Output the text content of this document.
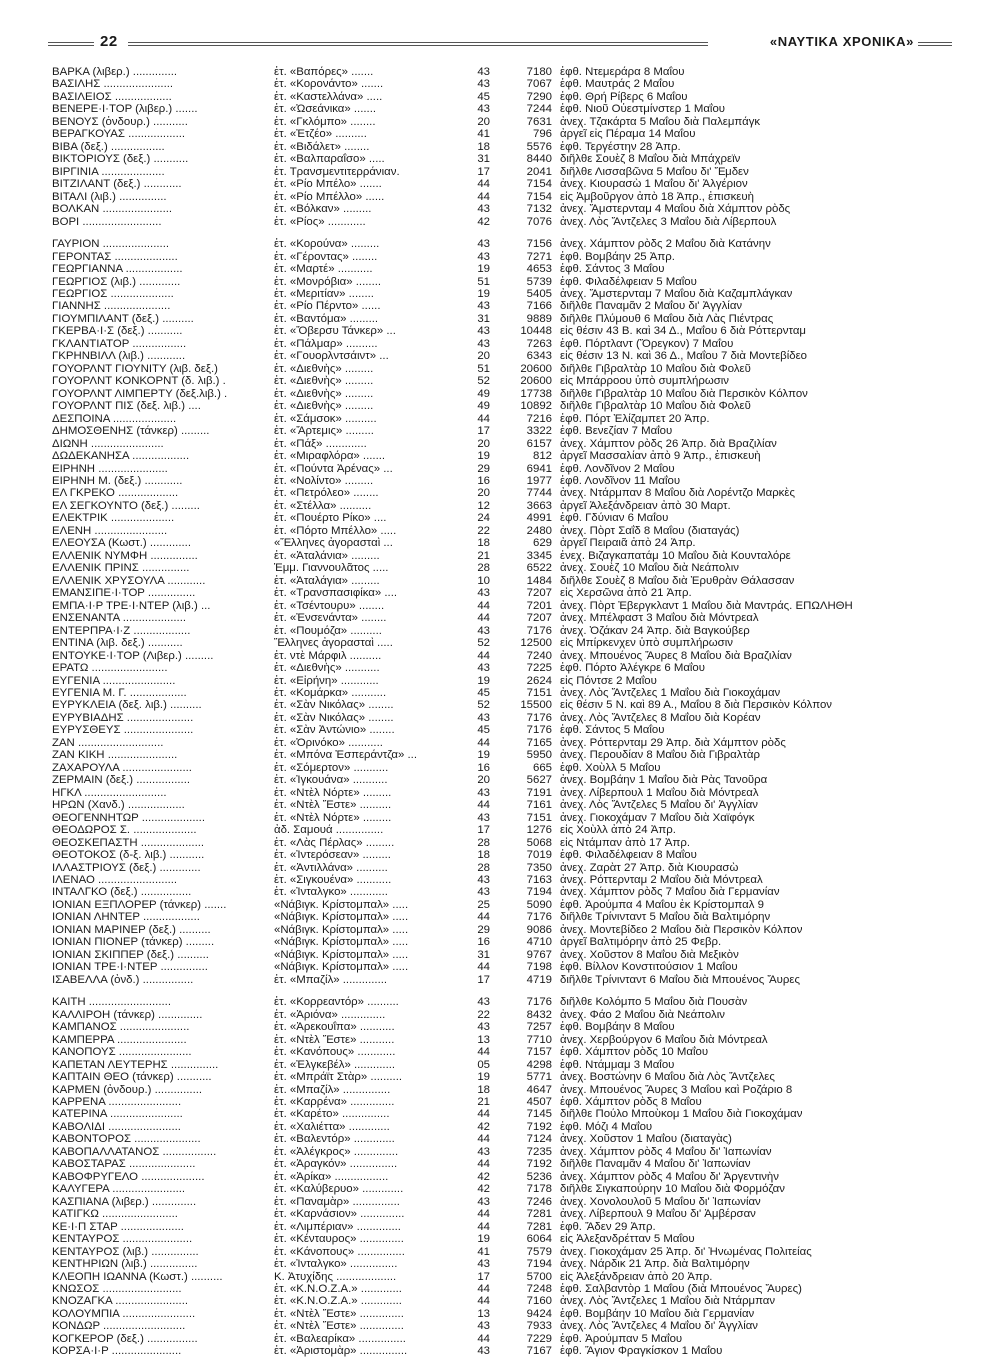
22	«ΝΑΥΤΙΚΑ ΧΡΟΝΙΚΑ»
ΒΑΡΚΑ (λιβερ.) ..............	ἐτ. «Βαπόρες» .......	43	7180 ἐφθ. Ντεμεράρα 8 Μαΐου
ΒΑΣΙΛΗΣ ......................	ἐτ. «Κορονάντο» .......	43	7067 ἐφθ. Μαυτράς 2 Μαΐου
ΒΑΣΙΛΕΙΟΣ ..................	ἐτ. «Καστελλάνα» .....	45	7290 ἐφθ. Θρή Ρίβερς 6 Μαΐου
ΒΕΝΕΡΕ·Ι·ΤΟΡ (λιβερ.) .......	ἐτ. «Ὠσεάνικα» .......	43	7244 ἐφθ. Νιοῦ Οὐεστμίνστερ 1 Μαΐου
ΒΕΝΟΥΣ (ὀνδουρ.) ...........	ἐτ. «Γκλόμπο» ........	20	7631 ἀνεχ. Τζακάρτα 5 Μαΐου διὰ Παλεμπάγκ
ΒΕΡΑΓΚΟΥΑΣ ..................	ἐτ. «Ἐτζέο» ..........	41	796 ἀργεῖ εἰς Πέραμα 14 Μαΐου
ΒΙΒΑ (δεξ.) .................	ἐτ. «Βιδάλετ» ........	18	5576 ἐφθ. Τεργέστην 28 Ἀπρ.
ΒΙΚΤΟΡΙΟΥΣ (δεξ.) ...........	ἐτ. «Βαλπαραΐσο» .....	31	8440 διῆλθε Σουὲζ 8 Μαΐου διὰ Μπάχρεϊν
ΒΙΡΓΙΝΙΑ ....................	ἐτ. Τρανσμεντιτερράνιαν.	17	2041 διῆλθε Λισσαβῶνα 5 Μαΐου δι' Ἔμδεν
ΒΙΤΖΙΛΑΝΤ (δεξ.) ............	ἐτ. «Ρίο Μπέλο» .......	44	7154 ἀνεχ. Κιουρασὼ 1 Μαΐου δι' Ἀλγέριον
ΒΙΤΑΛΙ (λιβ.) ...............	ἐτ. «Ρίο Μπέλλο» ......	44	7154 εἰς Ἀμβοῦργον ἀπὸ 18 Ἀπρ., ἐπισκευὴ
ΒΟΛΚΑΝ ......................	ἐτ. «Βόλκαν» .........	43	7132 ἀνεχ. Ἄμστερνταμ 4 Μαΐου διὰ Χάμπτον ρὸδς
ΒΟΡΙ .........................	ἐτ. «Ρίος» ............	42	7076 ἀνεχ. Λὸς Ἄντζελες 3 Μαΐου διὰ Λίβερπουλ
ΓΑΥΡΙΟΝ .....................	ἐτ. «Κορούνα» .........	43	7156 ἀνεχ. Χάμπτον ρὸδς 2 Μαΐου διὰ Κατάνην
ΓΕΡΟΝΤΑΣ ....................	ἐτ. «Γέροντας» ........	43	7271 ἐφθ. Βομβάην 25 Ἀπρ.
ΓΕΩΡΓΙΑΝΝΑ ..................	ἐτ. «Μαρτέ» ...........	19	4653 ἐφθ. Σάντος 3 Μαΐου
ΓΕΩΡΓΙΟΣ (λιβ.) .............	ἐτ. «Μονρόβια» ........	51	5739 ἐφθ. Φιλαδέλφειαν 5 Μαΐου
ΓΕΩΡΓΙΟΣ ....................	ἐτ. «Μεριτίαν» ........	19	5405 ἀνεχ. Ἄμστερνταμ 7 Μαΐου διὰ Καζαμπλάγκαν
ΓΙΑΝΝΗΣ .....................	ἐτ. «Ρίο Πέρντο» ......	43	7166 διῆλθε Παναμᾶν 2 Μαΐου δι' Ἀγγλίαν
ΓΙΟΥΜΠΙΛΑΝΤ (δεξ.) ..........	ἐτ. «Βαντόμα» .........	31	9889 διῆλθε Πλύμουθ 6 Μαΐου διὰ Λὰς Πιέντρας
ΓΚΕΡΒΑ·Ι·Σ (δεξ.) ...........	ἐτ. «Ὄβερσυ Τάνκερ» ...	43	10448 εἰς θέσιν 43 Β. καὶ 34 Δ., Μαΐου 6 διὰ Ρόττερνταμ
ΓΚΛΑΝΤΙΑΤΟΡ .................	ἐτ. «Πάλμαρ» ..........	43	7263 ἐφθ. Πόρτλαντ (Ὄρεγκον) 7 Μαΐου
ΓΚΡΗΝΒΙΛΛ (λιβ.) ............	ἐτ. «Γουορλντσάιντ» ...	20	6343 εἰς θέσιν 13 Ν. καὶ 36 Δ., Μαΐου 7 διὰ Μοντεβίδεο
ΓΟΥΟΡΛΝΤ ΓΙΟΥΝΙΤΥ (λιβ. δεξ.)	ἐτ. «Διεθνὴς» .........	51	20600 διῆλθε Γιβραλτὰρ 10 Μαΐου διὰ Φολεῦ
ΓΟΥΟΡΛΝΤ ΚΟΝΚΟΡΝΤ (δ. λιβ.) .	ἐτ. «Διεθνὴς» .........	52	20600 εἰς Μπάρροου ὑπὸ συμπλήρωσιν
ΓΟΥΟΡΛΝΤ ΛΙΜΠΕΡΤΥ (δεξ.λιβ.) .	ἐτ. «Διεθνὴς» .........	49	17738 διῆλθε Γιβραλτὰρ 10 Μαΐου διὰ Περσικὸν Κόλπον
ΓΟΥΟΡΛΝΤ ΠΙΣ (δεξ. λιβ.) ....	ἐτ. «Διεθνὴς» .........	49	10892 διῆλθε Γιβραλτὰρ 10 Μαΐου διὰ Φολεῦ
ΔΕΣΠΟΙΝΑ ....................	ἐτ. «Σάμσοκ» ..........	44	7216 ἐφθ. Πόρτ Ἐλίζαμπετ 20 Ἀπρ.
ΔΗΜΟΣΘΕΝΗΣ (τάνκερ) .........	ἐτ. «Ἄρτεμις» .........	17	3322 ἐφθ. Βενεζίαν 7 Μαΐου
ΔΙΩΝΗ .......................	ἐτ. «Πάξ» .............	20	6157 ἀνεχ. Χάμπτον ρὸδς 26 Ἀπρ. διὰ Βραζιλίαν
ΔΩΔΕΚΑΝΗΣΑ ..................	ἐτ. «Μιραφλόρα» .......	19	812 ἀργεῖ Μασσαλίαν ἀπὸ 9 Ἀπρ., ἐπισκευὴ
ΕΙΡΗΝΗ ......................	ἐτ. «Πούντα Ἀρένας» ...	29	6941 ἐφθ. Λονδῖνον 2 Μαΐου
ΕΙΡΗΝΗ Μ. (δεξ.) ............	ἐτ. «Νολίντο» .........	16	1977 ἐφθ. Λονδῖνον 11 Μαΐου
ΕΛ ΓΚΡΕΚΟ ...................	ἐτ. «Πετρόλεο» ........	20	7744 ἀνεχ. Ντάρμπαν 8 Μαΐου διὰ Λορέντζο Μαρκὲς
ΕΛ ΣΕΓΚΟΥΝΤΟ (δεξ.) .........	ἐτ. «Στέλλα» ..........	12	3663 ἀργεῖ Ἀλεξάνδρειαν ἀπὸ 30 Μαρτ.
ΕΛΕΚΤΡΙΚ ....................	ἐτ. «Πουέρτο Ρίκο» ....	24	4991 ἐφθ. Γδύνιαν 6 Μαΐου
ΕΛΕΝΗ .......................	ἐτ. «Πόρτο Μπέλλο» .....	22	2480 ἀνεχ. Πὸρτ Σαΐδ 8 Μαΐου (διαταγάς)
ΕΛΕΟΥΣΑ (Κωστ.) .............	«Ἕλληνες ἀγορασταὶ ...	18	629 ἀργεῖ Πειραιᾶ ἀπὸ 24 Ἀπρ.
ΕΛΛΕΝΙΚ ΝΥΜΦΗ ...............	ἐτ. «Ἀταλάνια» .........	21	3345 ἐνεχ. Βιζαγκαπατάμ 10 Μαΐου διὰ Κουνταλόρε
ΕΛΛΕΝΙΚ ΠΡΙΝΣ ...............	Ἑμμ. Γιαννουλᾶτος .....	28	6522 ἀνεχ. Σουὲζ 10 Μαΐου διὰ Νεάπολιν
ΕΛΛΕΝΙΚ ΧΡΥΣΟΥΛΑ ............	ἐτ. «Ἀταλάγια» .........	10	1484 διῆλθε Σουὲζ 8 Μαΐου διὰ Ἐρυθρὰν Θάλασσαν
ΕΜΑΝΣΙΠΕ·Ι·ΤΟΡ ...............	ἐτ. «Τρανσπασιφίκα» ....	43	7207 εἰς Χερσῶνα ἀπὸ 21 Ἀπρ.
ΕΜΠΑ·Ι·Ρ ΤΡΕ·Ι·ΝΤΕΡ (λιβ.) ...	ἐτ. «Τσέντουρυ» ........	44	7201 ἀνεχ. Πὸρτ Ἐβεργκλαντ 1 Μαΐου διὰ Μαντράς. ΕΠΩΛΗΘΗ
ΕΝΣΕΝΑΝΤΑ ....................	ἐτ. «Ἐνσενάντα» ........	44	7207 ἀνεχ. Μπέλφαστ 3 Μαΐου διὰ Μόντρεαλ
ΕΝΤΕΡΠΡΑ·Ι·Ζ ..................	ἐτ. «Πουμόζα» ..........	43	7176 ἀνεχ. Ὀζάκαν 24 Ἀπρ. διὰ Βαγκούβερ
ΕΝΤΙΝΑ (λιβ. δεξ.) ...........	Ἕλληνες ἀγορασταὶ .....	52	12500 εἰς Μπίρκενχεν ὑπὸ συμπλήρωσιν
ΕΝΤΟΥΚΕ·Ι·ΤΟΡ (Λιβερ.) .........	ἐτ. ντὲ Μάρφιλ ..........	44	7240 ἀνεχ. Μπουένος Ἄυρες 8 Μαΐου διὰ Βραζιλίαν
ΕΡΑΤΩ ........................	ἐτ. «Διεθνὴς» ...........	43	7225 ἐφθ. Πόρτο Ἀλέγκρε 6 Μαΐου
ΕΥΓΕΝΙΑ .......................	ἐτ. «Εἰρήνη» ............	19	2624 εἰς Πόντσε 2 Μαΐου
ΕΥΓΕΝΙΑ Μ. Γ. ..................	ἐτ. «Κομάρκα» ...........	45	7151 ἀνεχ. Λὸς Ἄντζελες 1 Μαΐου διὰ Γιοκοχάμαν
ΕΥΡΥΚΛΕΙΑ (δεξ. λιβ.) ..........	ἐτ. «Σὰν Νικόλας» ........	52	15500 εἰς θέσιν 5 Ν. καὶ 89 Α., Μαΐου 8 διὰ Περσικὸν Κόλπον
ΕΥΡΥΒΙΑΔΗΣ .....................	ἐτ. «Σὰν Νικόλας» ........	43	7176 ἀνεχ. Λὸς Ἄντζελες 8 Μαΐου διὰ Κορέαν
ΕΥΡΥΣΘΕΥΣ ......................	ἐτ. «Σὰν Ἀντώνιο» ........	45	7176 ἐφθ. Σάντος 5 Μαΐου
ΖΑΝ ...........................	ἐτ. «Ὀρινόκο» ...........	44	7165 ἀνεχ. Ρόττερνταμ 29 Ἀπρ. διὰ Χάμπτον ρὸδς
ΖΑΝ ΚΙΚΗ ......................	ἐτ. «Μπόνα Ἐσπεράντζα» ...	19	5950 ἀνεχ. Περουδίαν 8 Μαΐου διὰ Γιβραλτὰρ
ΖΑΧΑΡΟΥΛΑ ......................	ἐτ. «Σόμερτον» ...........	16	665 ἐφθ. Χοὺλλ 5 Μαΐου
ΖΕΡΜΑΙΝ (δεξ.) .................	ἐτ. «Ἰγκουάνα» ...........	20	5627 ἀνεχ. Βομβάην 1 Μαΐου διὰ Ρὰς Τανοῦρα
ΗΓΚΛ ..........................	ἐτ. «Ντὲλ Νόρτε» .........	43	7191 ἀνεχ. Λίβερπουλ 1 Μαΐου διὰ Μόντρεαλ
ΗΡΩΝ (Χανδ.) ..................	ἐτ. «Ντὲλ Ἔστε» ..........	44	7161 ἀνεχ. Λὸς Ἄντζελες 5 Μαΐου δι' Ἀγγλίαν
ΘΕΟΓΕΝΝΗΤΩΡ ....................	ἐτ. «Ντὲλ Νόρτε» .........	43	7151 ἀνεχ. Γιοκοχάμαν 7 Μαΐου διὰ Χαϊφόγκ
ΘΕΟΔΩΡΟΣ Σ. ....................	ἀδ. Σαμουά ...............	17	1276 εἰς Χοὺλλ ἀπὸ 24 Ἀπρ.
ΘΕΟΣΚΕΠΑΣΤΗ ....................	ἐτ. «Λὰς Πέρλας» .........	28	5068 εἰς Ντάμπαν ἀπὸ 17 Ἀπρ.
ΘΕΟΤΟΚΟΣ (δ-ξ. λιβ.) ...........	ἐτ. «Ἰντερόσεαν» .........	18	7019 ἐφθ. Φιλαδέλφειαν 8 Μαΐου
ΙΛΛΑΣΤΡΙΟΥΣ (δεξ.) .............	ἐτ. «Ἀντιλλάνα» ..........	28	7350 ἀνεχ. Ζαρὰτ 27 Ἀπρ. διὰ Κιουρασὼ
ΙΛΕΝΑΟ .........................	ἐτ. «Σιγκουένα» ...........	43	7163 ἀνεχ. Ρόττερνταμ 2 Μαΐου διὰ Μόντρεαλ
ΙΝΤΑΛΓΚΟ (δεξ.) ................	ἐτ. «Ἰνταλγκο» ............	43	7194 ἀνεχ. Χάμπτον ρὸδς 7 Μαΐου διὰ Γερμανίαν
ΙΟΝΙΑΝ ΕΞΠΛΟΡΕΡ (τάνκερ) .......	«Νάβιγκ. Κρίστομπαλ» .....	25	5090 ἐφθ. Ἀρούμπα 4 Μαΐου ἐκ Κρίστομπαλ 9
ΙΟΝΙΑΝ ΛΗΝΤΕΡ ..................	«Νάβιγκ. Κρίστομπαλ» .....	44	7176 διῆλθε Τρίνινταντ 5 Μαΐου διὰ Βαλτιμόρην
ΙΟΝΙΑΝ ΜΑΡΙΝΕΡ (δεξ.) ..........	«Νάβιγκ. Κρίστομπαλ» .....	29	9086 ἀνεχ. Μοντεβίδεο 2 Μαΐου διὰ Περσικὸν Κόλπον
ΙΟΝΙΑΝ ΠΙΟΝΕΡ (τάνκερ) .........	«Νάβιγκ. Κρίστομπαλ» .....	16	4710 ἀργεῖ Βαλτιμόρην ἀπὸ 25 Φεβρ.
ΙΟΝΙΑΝ ΣΚΙΠΠΕΡ (δεξ.) ..........	«Νάβιγκ. Κρίστομπαλ» .....	31	9767 ἀνεχ. Χοῦστον 8 Μαΐου διὰ Μεξικὸν
ΙΟΝΙΑΝ ΤΡΕ·Ι·ΝΤΕΡ ...............	«Νάβιγκ. Κρίστομπαλ» .....	44	7198 ἐφθ. Βίλλον Κονστιτούσιον 1 Μαΐου
ΙΣΑΒΕΛΛΑ (ὀνδ.) ................	ἐτ. «Μπαζίλ» ..............	17	4719 διῆλθε Τρίνινταντ 6 Μαΐου διὰ Μπουένος Ἄυρες
ΚΑΙΤΗ ..........................	ἐτ. «Κορρεαντόρ» ..........	43	7176 διῆλθε Κολόμπο 5 Μαΐου διὰ Πουσὰν
ΚΑΛΛΙΡΟΗ (τάνκερ) ..............	ἐτ. «Ἀριόνα» ..............	22	8432 ἀνεχ. Φάο 2 Μαΐου διὰ Νεάπολιν
ΚΑΜΠΑΝΟΣ ......................	ἐτ. «Ἀρεκουΐπα» ...........	43	7257 ἐφθ. Βομβάην 8 Μαΐου
ΚΑΜΠΕΡΡΑ ......................	ἐτ. «Ντὲλ Ἔστε» ...........	13	7710 ἀνεχ. Χερβούργον 6 Μαΐου διὰ Μόντρεαλ
ΚΑΝΟΠΟΥΣ .......................	ἐτ. «Κανόπους» ............	44	7157 ἐφθ. Χάμπτον ρὸδς 10 Μαΐου
ΚΑΠΕΤΑΝ ΛΕΥΤΕΡΗΣ ...............	ἐτ. «Ἐλγκεβέλ» .............	05	4298 ἐφθ. Ντάμμαμ 3 Μαΐου
ΚΑΠΤΑΙΝ ΘΕΟ (τάνκερ) ...........	ἐτ. «Μπράϊτ Στὰρ» ..........	19	5771 ἀνεχ. Βοστώνην 6 Μαΐου διὰ Λὸς Ἄντζελες
ΚΑΡΜΕΝ (ὀνδουρ.) ...............	ἐτ. «Μπαζίλ» ...............	18	4647 ἀνεχ. Μπουένος Ἄυρες 3 Μαΐου καὶ Ροζάριο 8
ΚΑΡΡΕΝΑ .......................	ἐτ. «Καρρένα» ..............	21	4507 ἐφθ. Χάμπτον ρὸδς 8 Μαΐου
ΚΑΤΕΡΙΝΑ .......................	ἐτ. «Καρέτο» ...............	44	7145 διῆλθε Πούλο Μποὺκομ 1 Μαΐου διὰ Γιοκοχάμαν
ΚΑΒΟΛΙΔΙ .......................	ἐτ. «Χαλιέττα» .............	42	7192 ἐφθ. Μόζι 4 Μαΐου
ΚΑΒΟΝΤΟΡΟΣ .....................	ἐτ. «Βαλεντόρ» .............	44	7124 ἀνεχ. Χοῦστον 1 Μαΐου (διαταγὰς)
ΚΑΒΟΠΑΛΛΑΤΑΝΟΣ .................	ἐτ. «Ἀλέγκρος» ..............	43	7235 ἀνεχ. Χάμπτον ρὸδς 4 Μαΐου δι' Ἰαπωνίαν
ΚΑΒΟΣΤΑΡΑΣ .....................	ἐτ. «Ἀραγκόν» ...............	44	7192 διῆλθε Παναμᾶν 4 Μαΐου δι' Ἰαπωνίαν
ΚΑΒΟΦΡΥΓΕΛΟ ....................	ἐτ. «Ἀρίκα» .................	42	5236 ἀνεχ. Χάμπτον ρὸδς 4 Μαΐου δι' Ἀργεντινὴν
ΚΑΛΥΓΕΡΑ .......................	ἐτ. «Καλύβερυο» .............	42	7178 διῆλθε Σιγκαπούρην 10 Μαΐου διὰ Φορμόζαν
ΚΑΣΠΙΑΝΑ (λιβερ.) ..............	ἐτ. «Παναμὰρ» ...............	43	7246 ἀνεχ. Χονολουλοῦ 5 Μαΐου δι' Ἰαπωνίαν
ΚΑΤΙΓΚΩ ........................	ἐτ. «Καρνάσιον» ..............	44	7281 ἀνεχ. Λίβερπουλ 9 Μαΐου δι' Ἀμβέρσαν
ΚΕ·Ι·Π ΣΤΑΡ ....................	ἐτ. «Λιμπέριαν» ..............	44	7281 ἐφθ. Ἄδεν 29 Ἀπρ.
ΚΕΝΤΑΥΡΟΣ ......................	ἐτ. «Κένταυρος» ..............	19	6064 εἰς Ἀλεξανδρέτταν 5 Μαΐου
ΚΕΝΤΑΥΡΟΣ (λιβ.) ...............	ἐτ. «Κάνοπους» ...............	41	7579 ἀνεχ. Γιοκοχάμαν 25 Ἀπρ. δι' Ἡνωμένας Πολιτείας
ΚΕΝΤΗΡΙΩΝ (λιβ.) ...............	ἐτ. «Ἰνταλγκο» ...............	43	7194 ἀνεχ. Νάρδικ 21 Ἀπρ. διὰ Βαλτιμόρην
ΚΛΕΟΠΗ ΙΩΑΝΝΑ (Κωστ.) ..........	Κ. Ἀτυχίδης ...................	17	5700 εἰς Ἀλεξάνδρειαν ἀπὸ 20 Ἀπρ.
ΚΝΩΣΟΣ .........................	ἐτ. «Κ.Ν.Ο.Ζ.Α.» .............	44	7248 ἐφθ. Σαλβαντὸρ 1 Μαΐου (διὰ Μπουένος Ἄυρες)
ΚΝΟΖΑΓΚΑ .......................	ἐτ. «Κ.Ν.Ο.Ζ.Α.» .............	44	7160 ἀνεχ. Λὸς Ἄντζελες 1 Μαΐου διὰ Ντάρμπαν
ΚΟΛΟΥΜΠΙΑ .......................	ἐτ. «Ντὲλ Ἔστε» ..............	13	9424 ἐφθ. Βομβάην 10 Μαΐου διὰ Γερμανίαν
ΚΟΝΔΩΡ ..........................	ἐτ. «Ντὲλ Ἔστε» ..............	43	7933 ἀνεχ. Λὸς Ἄντζελες 4 Μαΐου δι' Ἀγγλίαν
ΚΟΓΚΕΡΟΡ (δεξ.) ................	ἐτ. «Βαλεαρίκα» ...............	44	7229 ἐφθ. Ἀρούμπαν 5 Μαΐου
ΚΟΡΣΑ·Ι·Ρ ......................	ἐτ. «Ἀριστομὰρ» ...............	43	7167 ἐφθ. Ἅγιον Φραγκίσκον 1 Μαΐου
